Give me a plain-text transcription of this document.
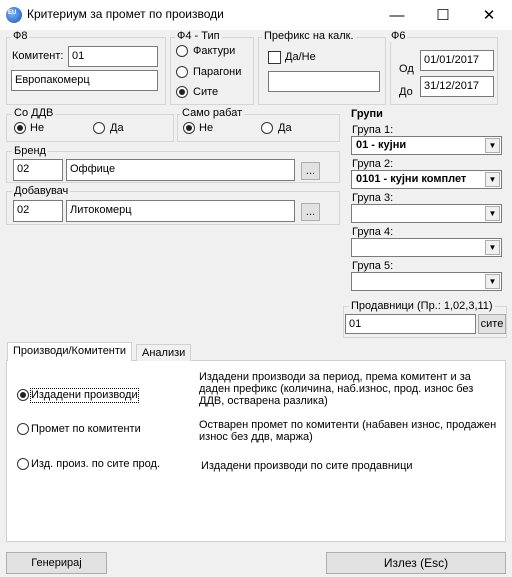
EU Критериум за промет по производи	—	☐	✕
Ф8
Комитент: 01
Европакомерц
Ф4 - Тип
Фактури
Парагони
Сите
Префикс на калк.
Да/Не
Ф6
Од
01/01/2017
До	31/12/2017
Со ДДВ
Не	Да
Само рабат
Не	Да
Бренд
02	Оффице	...
Добавувач
02	Литокомерц	...
Групи
Група 1:
01 - кујни	▼
Група 2:
0101 - кујни комплет	▼
Група 3:
▼
Група 4:
▼
Група 5:
▼
Продавници (Пр.: 1,02,3,11)
01	сите
Производи/Комитенти	Анализи
Издадени производи
Издадени производи за период, према комитент и за даден префикс (количина, наб.износ, прод. износ без ДДВ, остварена разлика)
Промет по комитенти	Остварен промет по комитенти (набавен износ, продажен износ без ддв, маржа)
Изд. произ. по сите прод.	Издадени производи по сите продавници
Генерирај	Излез (Esc)
